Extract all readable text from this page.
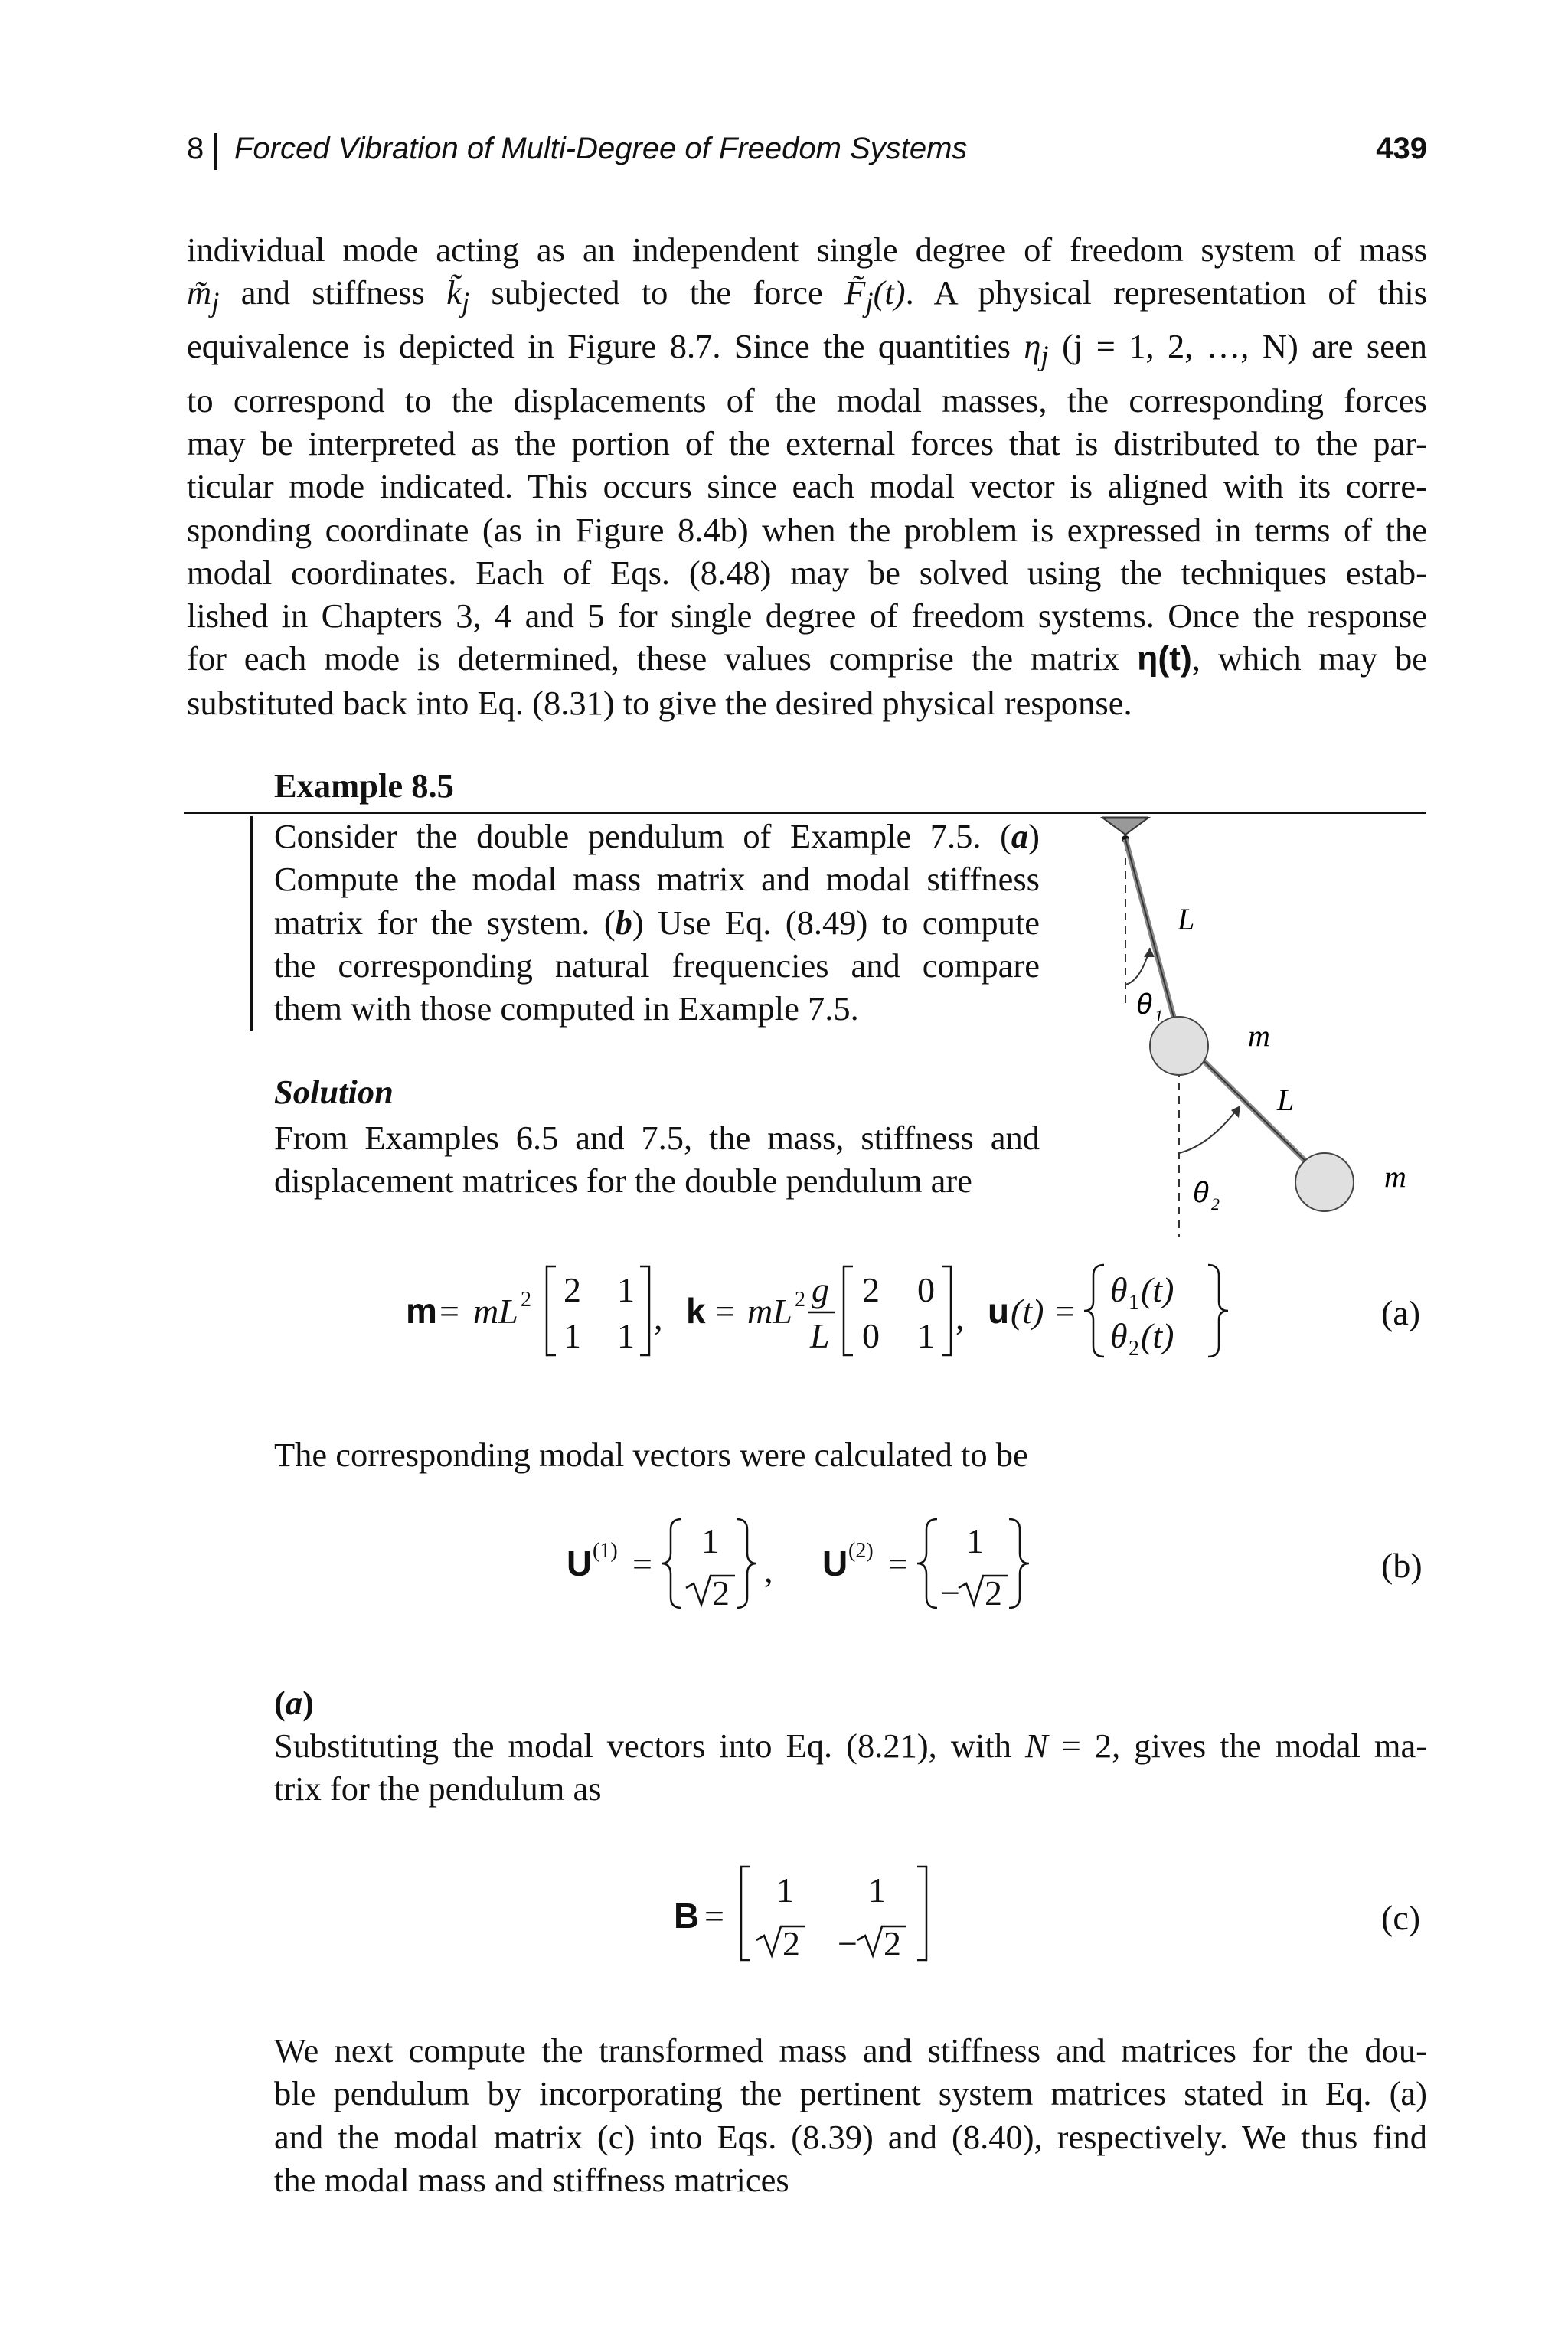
8 Forced Vibration of Multi-Degree of Freedom Systems	439
individual mode acting as an independent single degree of freedom system of mass
$m̃_j$ and stiffness $k̃_j$ subjected to the force $F̃_j(t)$. A physical representation of this
equivalence is depicted in Figure 8.7. Since the quantities $\eta_j$ (j = 1, 2, …, N) are seen
to correspond to the displacements of the modal masses, the corresponding forces
may be interpreted as the portion of the external forces that is distributed to the par-
ticular mode indicated. This occurs since each modal vector is aligned with its corre-
sponding coordinate (as in Figure 8.4b) when the problem is expressed in terms of the
modal coordinates. Each of Eqs. (8.48) may be solved using the techniques estab-
lished in Chapters 3, 4 and 5 for single degree of freedom systems. Once the response
for each mode is determined, these values comprise the matrix η(t), which may be
substituted back into Eq. (8.31) to give the desired physical response.
Example 8.5
Consider the double pendulum of Example 7.5. (a)
Compute the modal mass matrix and modal stiffness
matrix for the system. (b) Use Eq. (8.49) to compute
the corresponding natural frequencies and compare
them with those computed in Example 7.5.
Solution
From Examples 6.5 and 7.5, the mass, stiffness and
displacement matrices for the double pendulum are
L
m
L
m
θ 1
θ 2
m = mL 2 2 1
1 1 , k = mL 2 g
L
2 0
0 1 , u (t) =
θ 1 (t)
θ 2 (t)
(a)
The corresponding modal vectors were calculated to be
U (1) =
1
2
, U (2) =
1
− 2
(b)
(a)
Substituting the modal vectors into Eq. (8.21), with N = 2, gives the modal ma-
trix for the pendulum as
B =
1 1
2 − 2
(c)
We next compute the transformed mass and stiffness and matrices for the dou-
ble pendulum by incorporating the pertinent system matrices stated in Eq. (a)
and the modal matrix (c) into Eqs. (8.39) and (8.40), respectively. We thus find
the modal mass and stiffness matrices
